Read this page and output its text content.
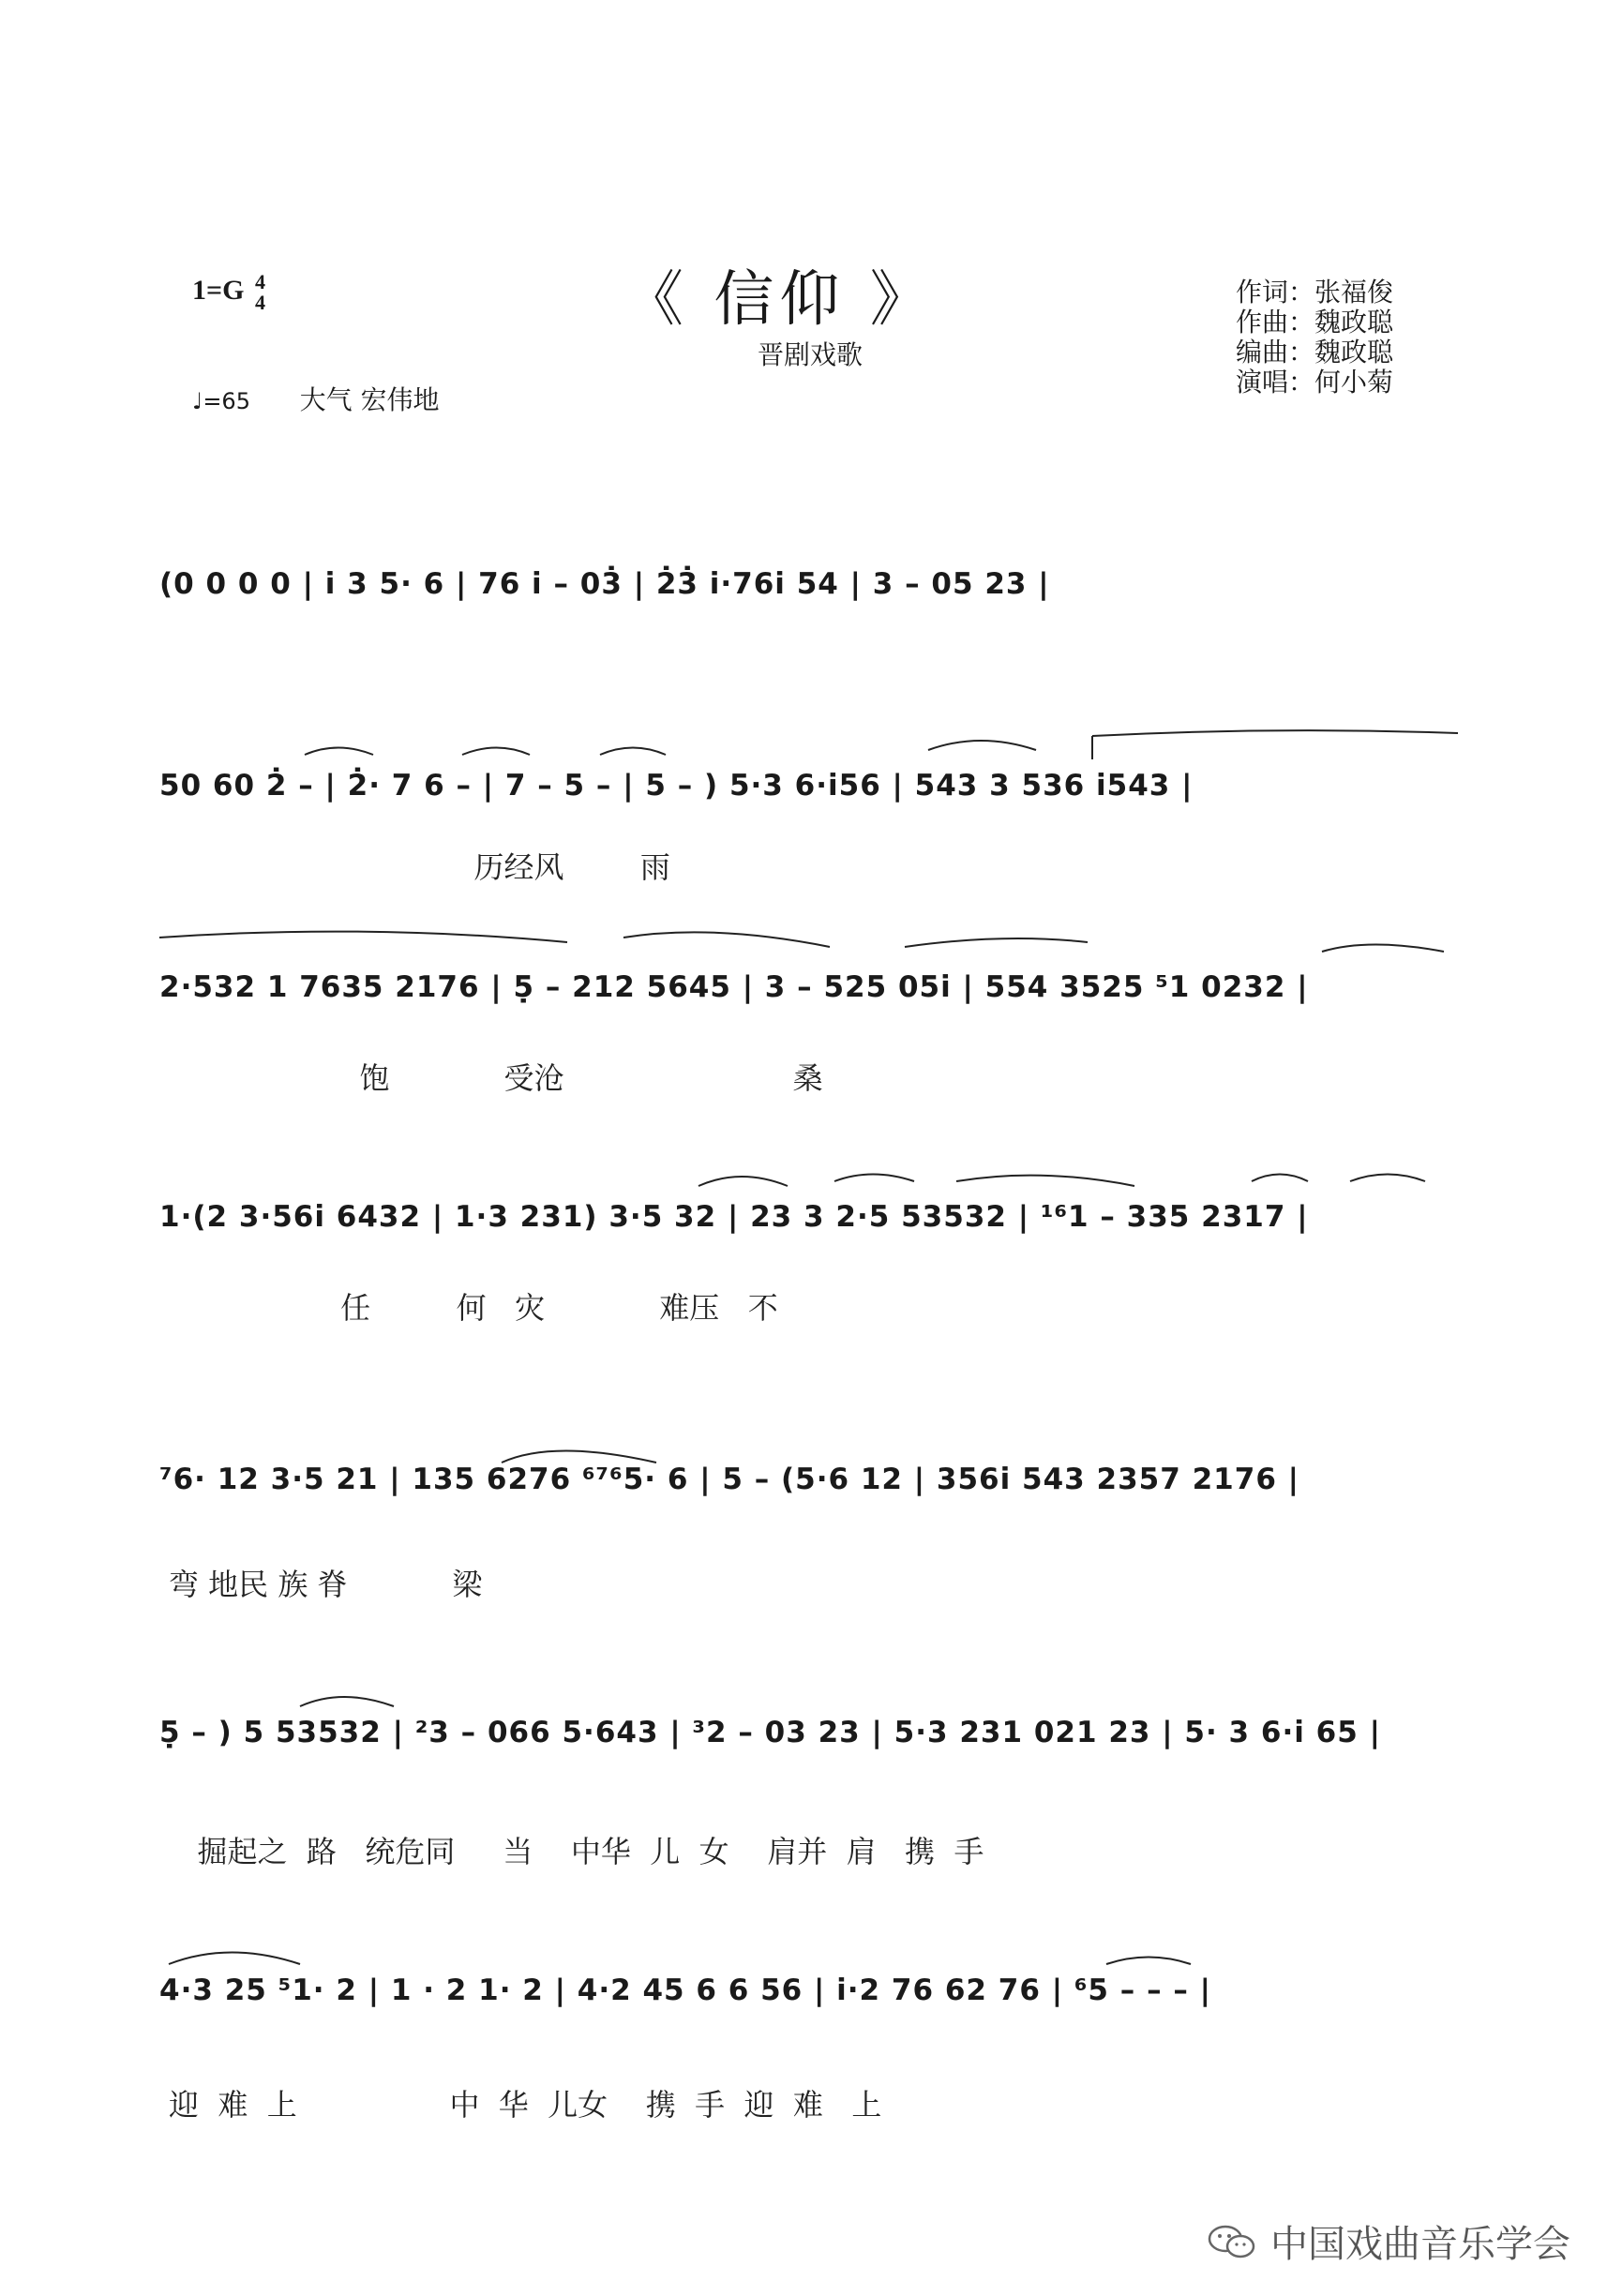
1=G 4
4	《 信仰 》
晋剧戏歌
♩=65 大气 宏伟地
作词：张福俊
作曲：魏政聪
编曲：魏政聪
演唱：何小菊
(0 0 0 0 | i̇ 3 5· 6 | 76 i̇ – 03̇ | 2̇3̇ i̇·76i̇ 54 | 3 – 05 23 |
50 60 2̇ – | 2̇· 7 6 – | 7 – 5 – | 5 – ) 5·3 6·i̇56 | 543 3 536 i̇543 |
历经风        雨
2·532 1 7635 2176 | 5̣ – 212 5645 | 3 – 525 05i̇ | 554 3525 ⁵1 0232 |
饱            受沧                        桑
1·(2 3·56i̇ 6432 | 1·3 231) 3·5 32 | 23 3 2·5 53532 | ¹⁶1 – 335 2317 |
任         何   灾            难压   不
⁷6· 12 3·5 21 | 135 6276 ⁶⁷⁶5· 6 | 5 – (5·6 12 | 356i̇ 543 2357 2176 |
弯 地民 族 脊           梁
5̣ – ) 5 53532 | ²3 – 066 5·643 | ³2 – 03 23 | 5·3 231 021 23 | 5· 3 6·i̇ 65 |
掘起之  路   统危同     当    中华  儿  女    肩并  肩   携  手
4·3 25 ⁵1· 2 | 1 · 2 1· 2 | 4·2 45 6 6 56 | i̇·2 76 62 76 | ⁶5 – – – |
迎  难  上                中  华  儿女    携  手  迎  难   上
中国戏曲音乐学会
